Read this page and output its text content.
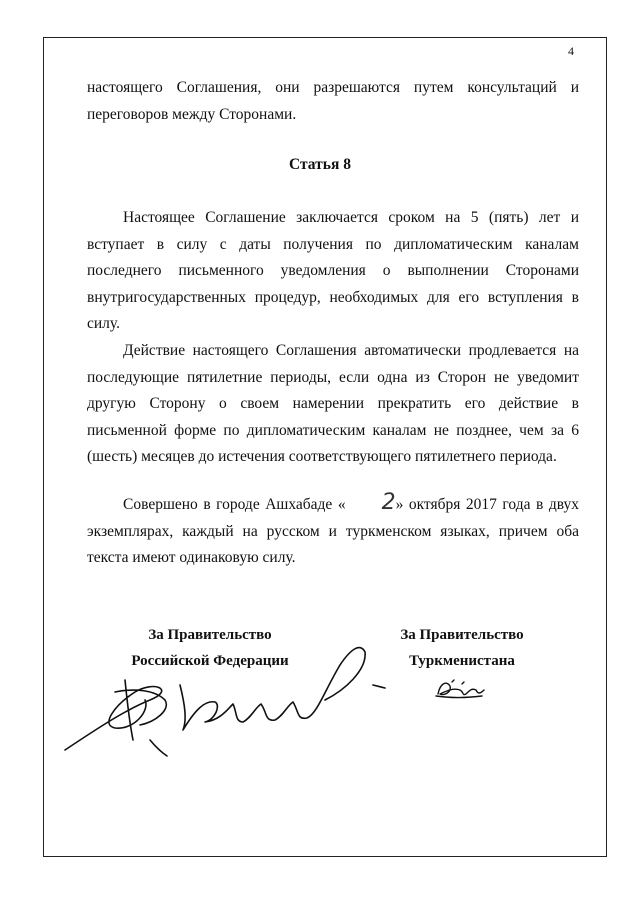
4

настоящего Соглашения, они разрешаются путем консультаций и переговоров между Сторонами.

Статья 8

Настоящее Соглашение заключается сроком на 5 (пять) лет и вступает в силу с даты получения по дипломатическим каналам последнего письменного уведомления о выполнении Сторонами внутригосударственных процедур, необходимых для его вступления в силу.

Действие настоящего Соглашения автоматически продлевается на последующие пятилетние периоды, если одна из Сторон не уведомит другую Сторону о своем намерении прекратить его действие в письменной форме по дипломатическим каналам не позднее, чем за 6 (шесть) месяцев до истечения соответствующего пятилетнего периода.

Совершено в городе Ашхабаде « 2» октября 2017 года в двух экземплярах, каждый на русском и туркменском языках, причем оба текста имеют одинаковую силу.

За Правительство
Российской Федерации
За Правительство
Туркменистана
